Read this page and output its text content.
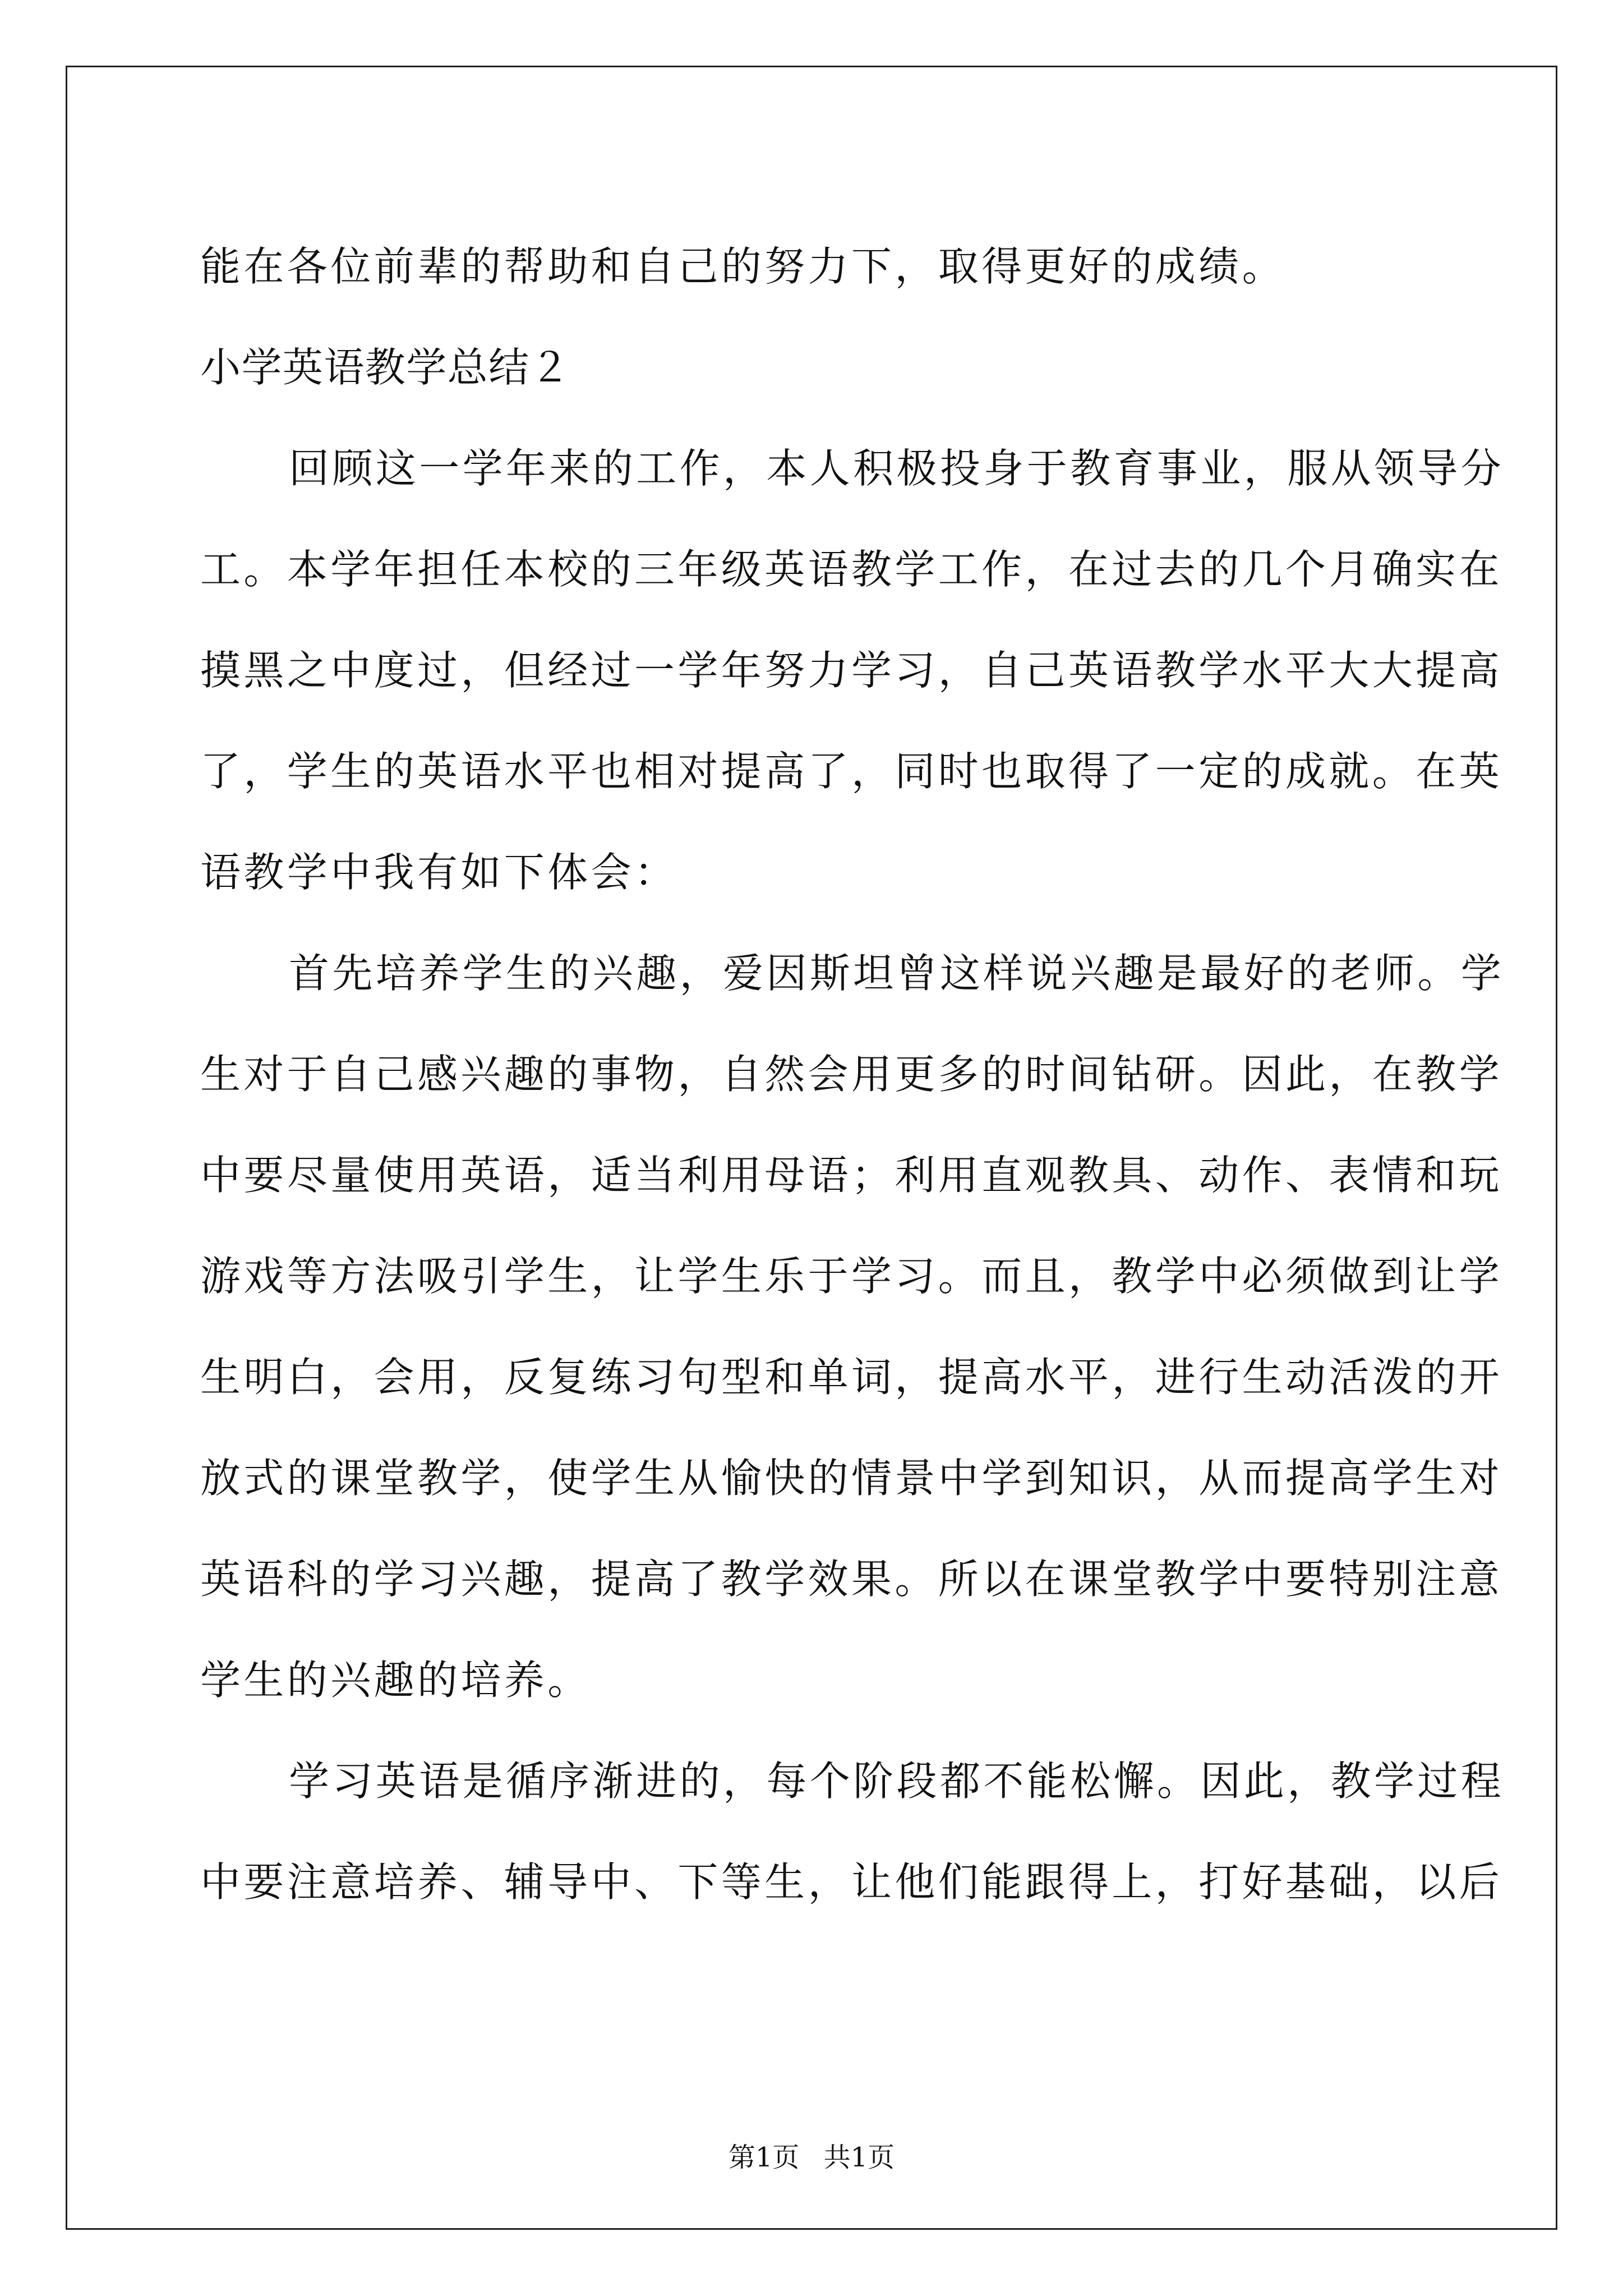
能在各位前辈的帮助和自己的努力下，取得更好的成绩。
小学英语教学总结２
回顾这一学年来的工作，本人积极投身于教育事业，服从领导分
工。本学年担任本校的三年级英语教学工作，在过去的几个月确实在
摸黑之中度过，但经过一学年努力学习，自己英语教学水平大大提高
了，学生的英语水平也相对提高了，同时也取得了一定的成就。在英
语教学中我有如下体会：
首先培养学生的兴趣，爱因斯坦曾这样说兴趣是最好的老师。学
生对于自己感兴趣的事物，自然会用更多的时间钻研。因此，在教学
中要尽量使用英语，适当利用母语；利用直观教具、动作、表情和玩
游戏等方法吸引学生，让学生乐于学习。而且，教学中必须做到让学
生明白，会用，反复练习句型和单词，提高水平，进行生动活泼的开
放式的课堂教学，使学生从愉快的情景中学到知识，从而提高学生对
英语科的学习兴趣，提高了教学效果。所以在课堂教学中要特别注意
学生的兴趣的培养。
学习英语是循序渐进的，每个阶段都不能松懈。因此，教学过程
中要注意培养、辅导中、下等生，让他们能跟得上，打好基础，以后
第1页 共1页
